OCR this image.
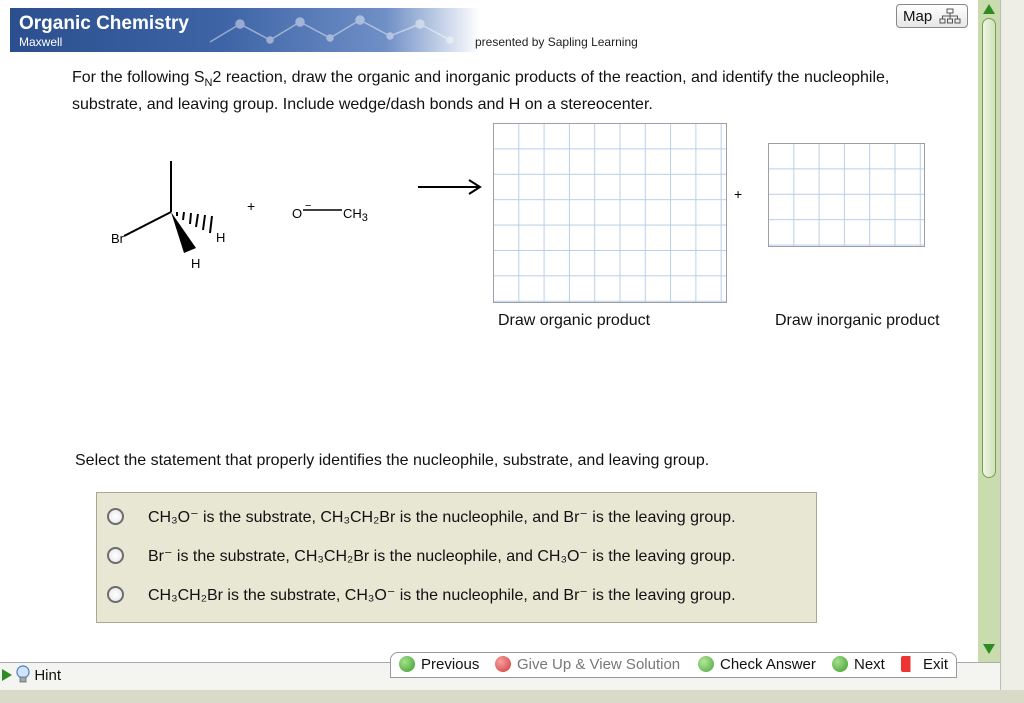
Organic Chemistry
Maxwell	presented by Sapling Learning
Map
For the following $S_N2$ reaction, draw the organic and inorganic products of the reaction, and identify the nucleophile, substrate, and leaving group. Include wedge/dash bonds and H on a stereocenter.
Br	H
H
+	$O - CH_3$
+
Draw organic product	Draw inorganic product
Select the statement that properly identifies the nucleophile, substrate, and leaving group.
CH₃O⁻ is the substrate, CH₃CH₂Br is the nucleophile, and Br⁻ is the leaving group.
Br⁻ is the substrate, CH₃CH₂Br is the nucleophile, and CH₃O⁻ is the leaving group.
CH₃CH₂Br is the substrate, CH₃O⁻ is the nucleophile, and Br⁻ is the leaving group.
Hint
Previous	Give Up & View Solution	Check Answer	Next	Exit
